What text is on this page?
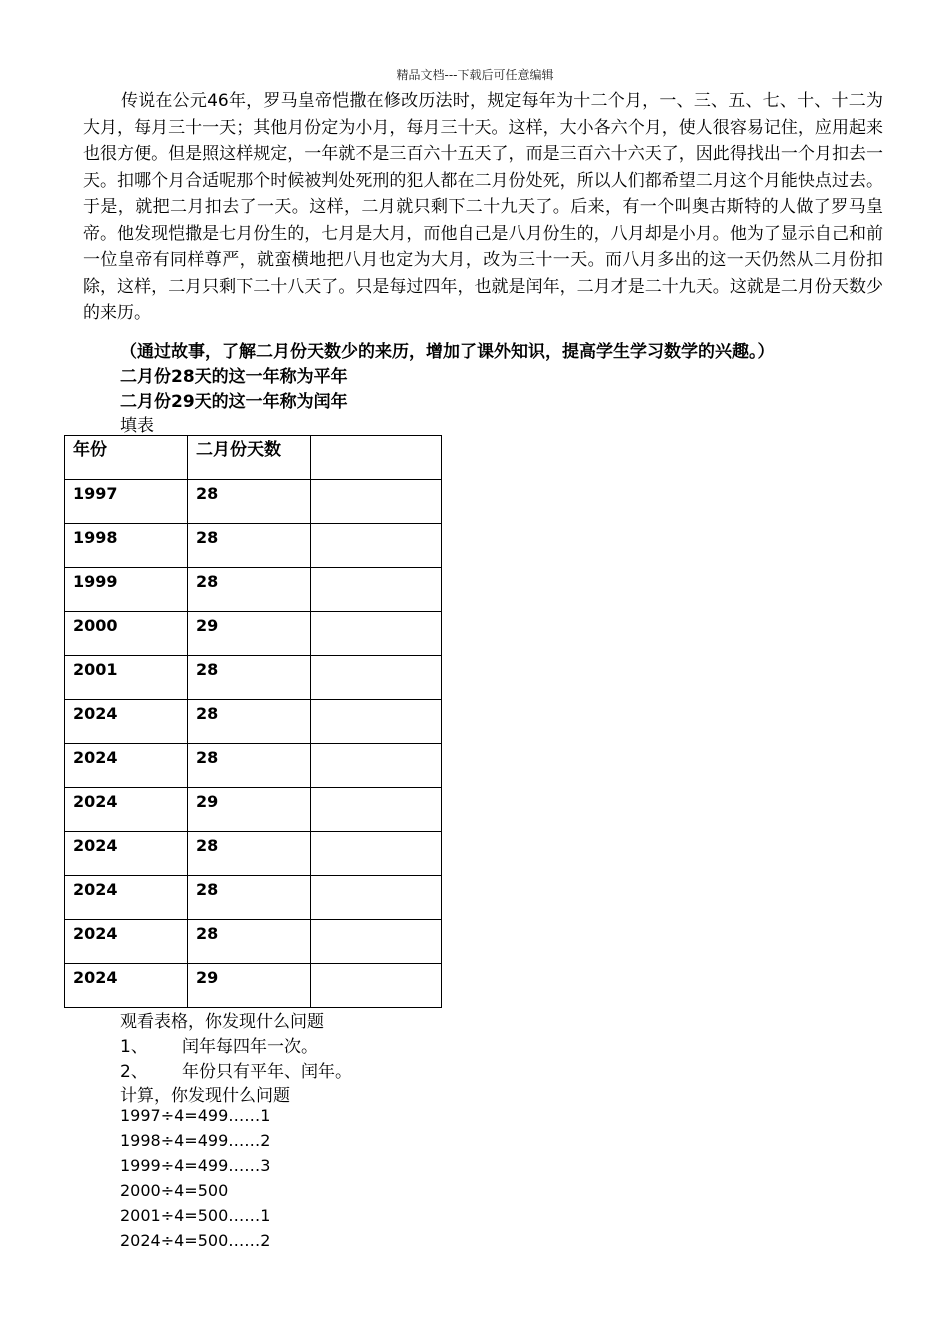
精品文档---下载后可任意编辑

传说在公元46年，罗马皇帝恺撒在修改历法时，规定每年为十二个月，一、三、五、七、十、十二为大月，每月三十一天；其他月份定为小月，每月三十天。这样，大小各六个月，使人很容易记住，应用起来也很方便。但是照这样规定，一年就不是三百六十五天了，而是三百六十六天了，因此得找出一个月扣去一天。扣哪个月合适呢那个时候被判处死刑的犯人都在二月份处死，所以人们都希望二月这个月能快点过去。于是，就把二月扣去了一天。这样，二月就只剩下二十九天了。后来，有一个叫奥古斯特的人做了罗马皇帝。他发现恺撒是七月份生的，七月是大月，而他自己是八月份生的，八月却是小月。他为了显示自己和前一位皇帝有同样尊严，就蛮横地把八月也定为大月，改为三十一天。而八月多出的这一天仍然从二月份扣除，这样，二月只剩下二十八天了。只是每过四年，也就是闰年，二月才是二十九天。这就是二月份天数少的来历。

（通过故事，了解二月份天数少的来历，增加了课外知识，提高学生学习数学的兴趣。）
二月份28天的这一年称为平年
二月份29天的这一年称为闰年
填表
年份	二月份天数	
1997	28	
1998	28	
1999	28	
2000	29	
2001	28	
2024	28	
2024	28	
2024	29	
2024	28	
2024	28	
2024	28	
2024	29	
观看表格，你发现什么问题
1、 闰年每四年一次。
2、 年份只有平年、闰年。
计算，你发现什么问题
1997÷4=499……1
1998÷4=499……2
1999÷4=499……3
2000÷4=500
2001÷4=500……1
2024÷4=500……2
